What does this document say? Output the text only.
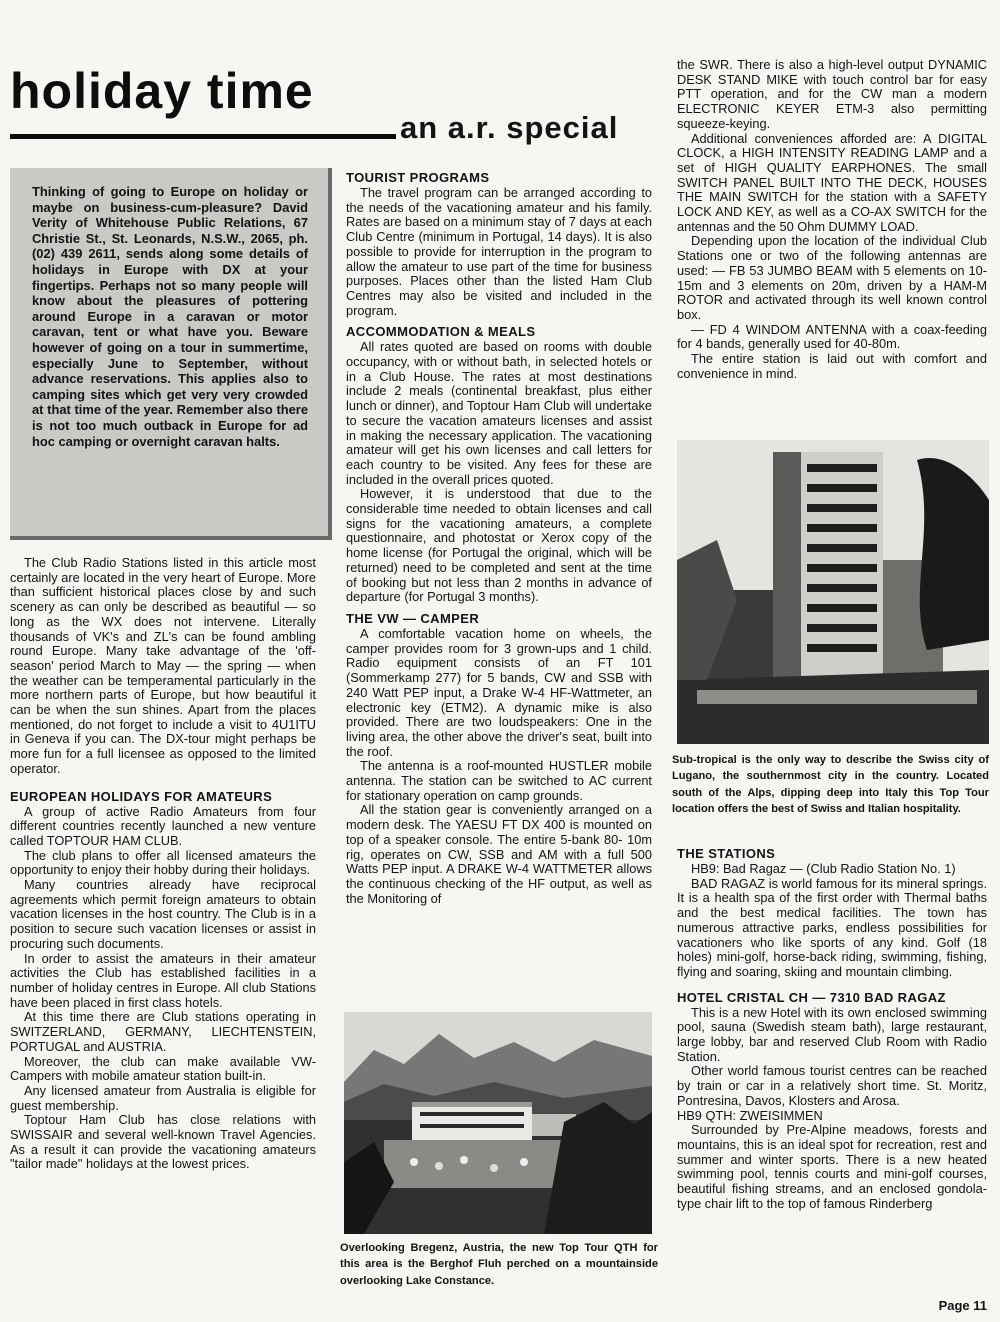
holiday time
an a.r. special

Thinking of going to Europe on holiday or maybe on business-cum-pleasure? David Verity of Whitehouse Public Relations, 67 Christie St., St. Leonards, N.S.W., 2065, ph. (02) 439 2611, sends along some details of holidays in Europe with DX at your fingertips. Perhaps not so many people will know about the pleasures of pottering around Europe in a caravan or motor caravan, tent or what have you. Beware however of going on a tour in summertime, especially June to September, without advance reservations. This applies also to camping sites which get very very crowded at that time of the year. Remember also there is not too much outback in Europe for ad hoc camping or overnight caravan halts.

The Club Radio Stations listed in this article most certainly are located in the very heart of Europe. More than sufficient historical places close by and such scenery as can only be described as beautiful — so long as the WX does not intervene. Literally thousands of VK's and ZL's can be found ambling round Europe. Many take advantage of the 'off-season' period March to May — the spring — when the weather can be temperamental particularly in the more northern parts of Europe, but how beautiful it can be when the sun shines. Apart from the places mentioned, do not forget to include a visit to 4U1ITU in Geneva if you can. The DX-tour might perhaps be more fun for a full licensee as opposed to the limited operator.

EUROPEAN HOLIDAYS FOR AMATEURS

A group of active Radio Amateurs from four different countries recently launched a new venture called TOPTOUR HAM CLUB.

The club plans to offer all licensed amateurs the opportunity to enjoy their hobby during their holidays.

Many countries already have reciprocal agreements which permit foreign amateurs to obtain vacation licenses in the host country. The Club is in a position to secure such vacation licenses or assist in procuring such documents.

In order to assist the amateurs in their amateur activities the Club has established facilities in a number of holiday centres in Europe. All club Stations have been placed in first class hotels.

At this time there are Club stations operating in SWITZERLAND, GERMANY, LIECHTENSTEIN, PORTUGAL and AUSTRIA.

Moreover, the club can make available VW-Campers with mobile amateur station built-in.

Any licensed amateur from Australia is eligible for guest membership.

Toptour Ham Club has close relations with SWISSAIR and several well-known Travel Agencies. As a result it can provide the vacationing amateurs "tailor made" holidays at the lowest prices.

TOURIST PROGRAMS

The travel program can be arranged according to the needs of the vacationing amateur and his family. Rates are based on a minimum stay of 7 days at each Club Centre (minimum in Portugal, 14 days). It is also possible to provide for interruption in the program to allow the amateur to use part of the time for business purposes. Places other than the listed Ham Club Centres may also be visited and included in the program.

ACCOMMODATION & MEALS

All rates quoted are based on rooms with double occupancy, with or without bath, in selected hotels or in a Club House. The rates at most destinations include 2 meals (continental breakfast, plus either lunch or dinner), and Toptour Ham Club will undertake to secure the vacation amateurs licenses and assist in making the necessary application. The vacationing amateur will get his own licenses and call letters for each country to be visited. Any fees for these are included in the overall prices quoted.

However, it is understood that due to the considerable time needed to obtain licenses and call signs for the vacationing amateurs, a complete questionnaire, and photostat or Xerox copy of the home license (for Portugal the original, which will be returned) need to be completed and sent at the time of booking but not less than 2 months in advance of departure (for Portugal 3 months).

THE VW — CAMPER

A comfortable vacation home on wheels, the camper provides room for 3 grown-ups and 1 child. Radio equipment consists of an FT 101 (Sommerkamp 277) for 5 bands, CW and SSB with 240 Watt PEP input, a Drake W-4 HF-Wattmeter, an electronic key (ETM2). A dynamic mike is also provided. There are two loudspeakers: One in the living area, the other above the driver's seat, built into the roof.

The antenna is a roof-mounted HUSTLER mobile antenna. The station can be switched to AC current for stationary operation on camp grounds.

All the station gear is conveniently arranged on a modern desk. The YAESU FT DX 400 is mounted on top of a speaker console. The entire 5-bank 80- 10m rig, operates on CW, SSB and AM with a full 500 Watts PEP input. A DRAKE W-4 WATTMETER allows the continuous checking of the HF output, as well as the Monitoring of

Overlooking Bregenz, Austria, the new Top Tour QTH for this area is the Berghof Fluh perched on a mountainside overlooking Lake Constance.

the SWR. There is also a high-level output DYNAMIC DESK STAND MIKE with touch control bar for easy PTT operation, and for the CW man a modern ELECTRONIC KEYER ETM-3 also permitting squeeze-keying.

Additional conveniences afforded are: A DIGITAL CLOCK, a HIGH INTENSITY READING LAMP and a set of HIGH QUALITY EARPHONES. The small SWITCH PANEL BUILT INTO THE DECK, HOUSES THE MAIN SWITCH for the station with a SAFETY LOCK AND KEY, as well as a CO-AX SWITCH for the antennas and the 50 Ohm DUMMY LOAD.

Depending upon the location of the individual Club Stations one or two of the following antennas are used: — FB 53 JUMBO BEAM with 5 elements on 10-15m and 3 elements on 20m, driven by a HAM-M ROTOR and activated through its well known control box.

— FD 4 WINDOM ANTENNA with a coax-feeding for 4 bands, generally used for 40-80m.

The entire station is laid out with comfort and convenience in mind.

Sub-tropical is the only way to describe the Swiss city of Lugano, the southernmost city in the country. Located south of the Alps, dipping deep into Italy this Top Tour location offers the best of Swiss and Italian hospitality.

THE STATIONS

HB9: Bad Ragaz — (Club Radio Station No. 1)

BAD RAGAZ is world famous for its mineral springs. It is a health spa of the first order with Thermal baths and the best medical facilities. The town has numerous attractive parks, endless possibilities for vacationers who like sports of any kind. Golf (18 holes) mini-golf, horse-back riding, swimming, fishing, flying and soaring, skiing and mountain climbing.

HOTEL CRISTAL CH — 7310 BAD RAGAZ

This is a new Hotel with its own enclosed swimming pool, sauna (Swedish steam bath), large restaurant, large lobby, bar and reserved Club Room with Radio Station.

Other world famous tourist centres can be reached by train or car in a relatively short time. St. Moritz, Pontresina, Davos, Klosters and Arosa.

HB9 QTH: ZWEISIMMEN

Surrounded by Pre-Alpine meadows, forests and mountains, this is an ideal spot for recreation, rest and summer and winter sports. There is a new heated swimming pool, tennis courts and mini-golf courses, beautiful fishing streams, and an enclosed gondola-type chair lift to the top of famous Rinderberg

Page 11
